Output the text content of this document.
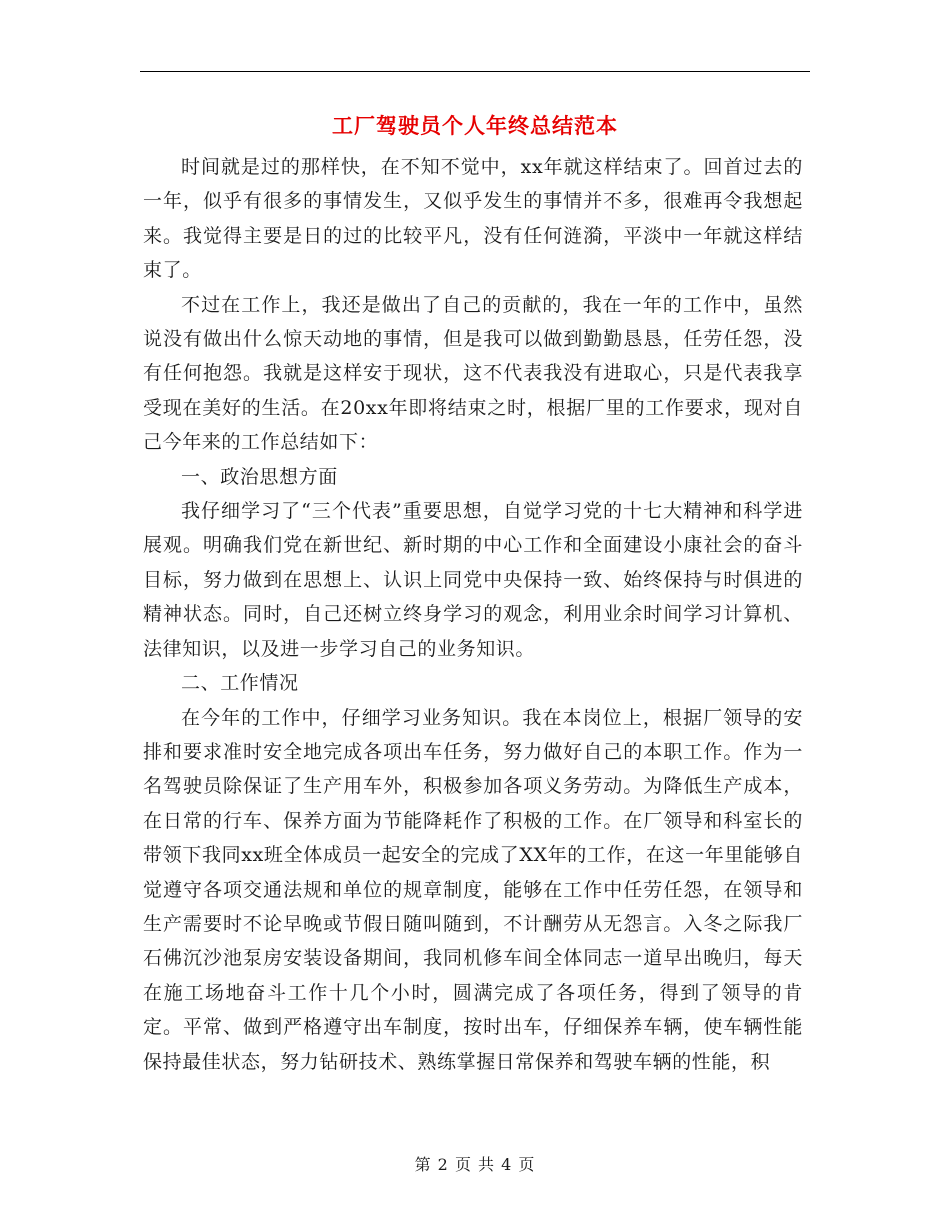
工厂驾驶员个人年终总结范本

时间就是过的那样快，在不知不觉中，xx年就这样结束了。回首过去的一年，似乎有很多的事情发生，又似乎发生的事情并不多，很难再令我想起来。我觉得主要是日的过的比较平凡，没有任何涟漪，平淡中一年就这样结束了。

不过在工作上，我还是做出了自己的贡献的，我在一年的工作中，虽然说没有做出什么惊天动地的事情，但是我可以做到勤勤恳恳，任劳任怨，没有任何抱怨。我就是这样安于现状，这不代表我没有进取心，只是代表我享受现在美好的生活。在20xx年即将结束之时，根据厂里的工作要求，现对自己今年来的工作总结如下：

一、政治思想方面

我仔细学习了“三个代表”重要思想，自觉学习党的十七大精神和科学进展观。明确我们党在新世纪、新时期的中心工作和全面建设小康社会的奋斗目标，努力做到在思想上、认识上同党中央保持一致、始终保持与时俱进的精神状态。同时，自己还树立终身学习的观念，利用业余时间学习计算机、法律知识，以及进一步学习自己的业务知识。

二、工作情况

在今年的工作中，仔细学习业务知识。我在本岗位上，根据厂领导的安排和要求准时安全地完成各项出车任务，努力做好自己的本职工作。作为一名驾驶员除保证了生产用车外，积极参加各项义务劳动。为降低生产成本，在日常的行车、保养方面为节能降耗作了积极的工作。在厂领导和科室长的带领下我同xx班全体成员一起安全的完成了XX年的工作，在这一年里能够自觉遵守各项交通法规和单位的规章制度，能够在工作中任劳任怨，在领导和生产需要时不论早晚或节假日随叫随到，不计酬劳从无怨言。入冬之际我厂石佛沉沙池泵房安装设备期间，我同机修车间全体同志一道早出晚归，每天在施工场地奋斗工作十几个小时，圆满完成了各项任务，得到了领导的肯定。平常、做到严格遵守出车制度，按时出车，仔细保养车辆，使车辆性能保持最佳状态，努力钻研技术、熟练掌握日常保养和驾驶车辆的性能，积

第 2 页 共 4 页
